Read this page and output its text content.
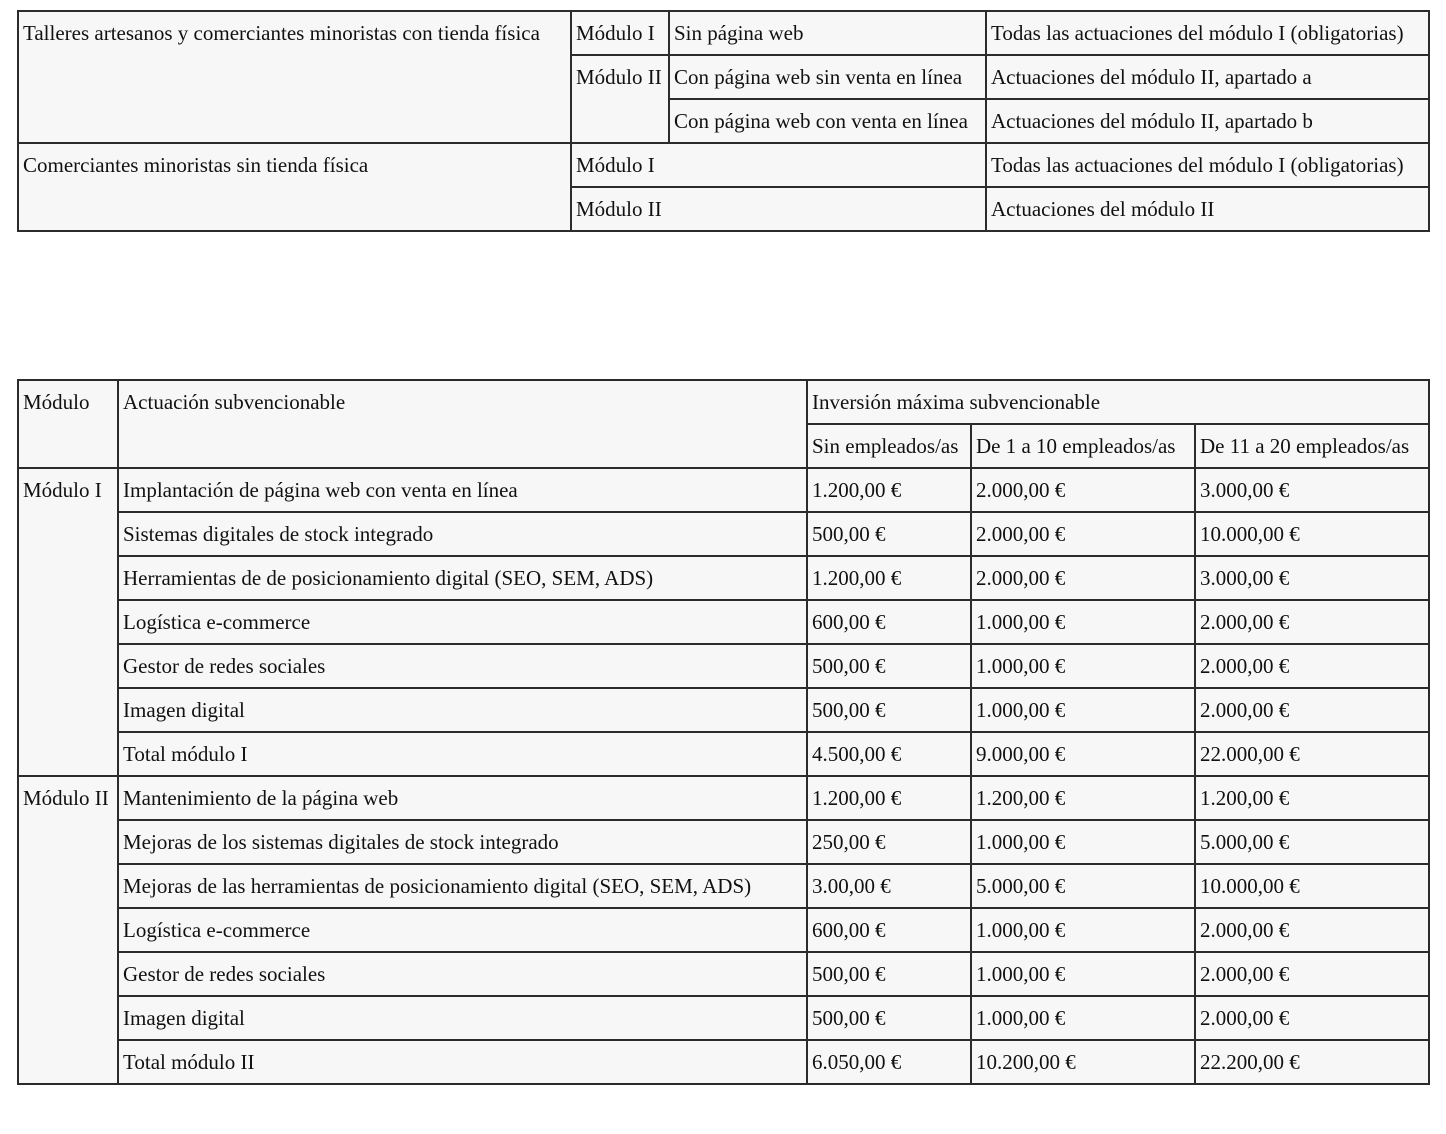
Talleres artesanos y comerciantes minoristas con tienda física	Módulo I	Sin página web	Todas las actuaciones del módulo I (obligatorias)
	Módulo II	Con página web sin venta en línea	Actuaciones del módulo II, apartado a
		Con página web con venta en línea	Actuaciones del módulo II, apartado b
Comerciantes minoristas sin tienda física	Módulo I		Todas las actuaciones del módulo I (obligatorias)
	Módulo II		Actuaciones del módulo II
Módulo	Actuación subvencionable	Inversión máxima subvencionable		
		Sin empleados/as	De 1 a 10 empleados/as	De 11 a 20 empleados/as
Módulo I	Implantación de página web con venta en línea	1.200,00 €	2.000,00 €	3.000,00 €
	Sistemas digitales de stock integrado	500,00 €	2.000,00 €	10.000,00 €
	Herramientas de de posicionamiento digital (SEO, SEM, ADS)	1.200,00 €	2.000,00 €	3.000,00 €
	Logística e-commerce	600,00 €	1.000,00 €	2.000,00 €
	Gestor de redes sociales	500,00 €	1.000,00 €	2.000,00 €
	Imagen digital	500,00 €	1.000,00 €	2.000,00 €
	Total módulo I	4.500,00 €	9.000,00 €	22.000,00 €
Módulo II	Mantenimiento de la página web	1.200,00 €	1.200,00 €	1.200,00 €
	Mejoras de los sistemas digitales de stock integrado	250,00 €	1.000,00 €	5.000,00 €
	Mejoras de las herramientas de posicionamiento digital (SEO, SEM, ADS)	3.00,00 €	5.000,00 €	10.000,00 €
	Logística e-commerce	600,00 €	1.000,00 €	2.000,00 €
	Gestor de redes sociales	500,00 €	1.000,00 €	2.000,00 €
	Imagen digital	500,00 €	1.000,00 €	2.000,00 €
	Total módulo II	6.050,00 €	10.200,00 €	22.200,00 €
